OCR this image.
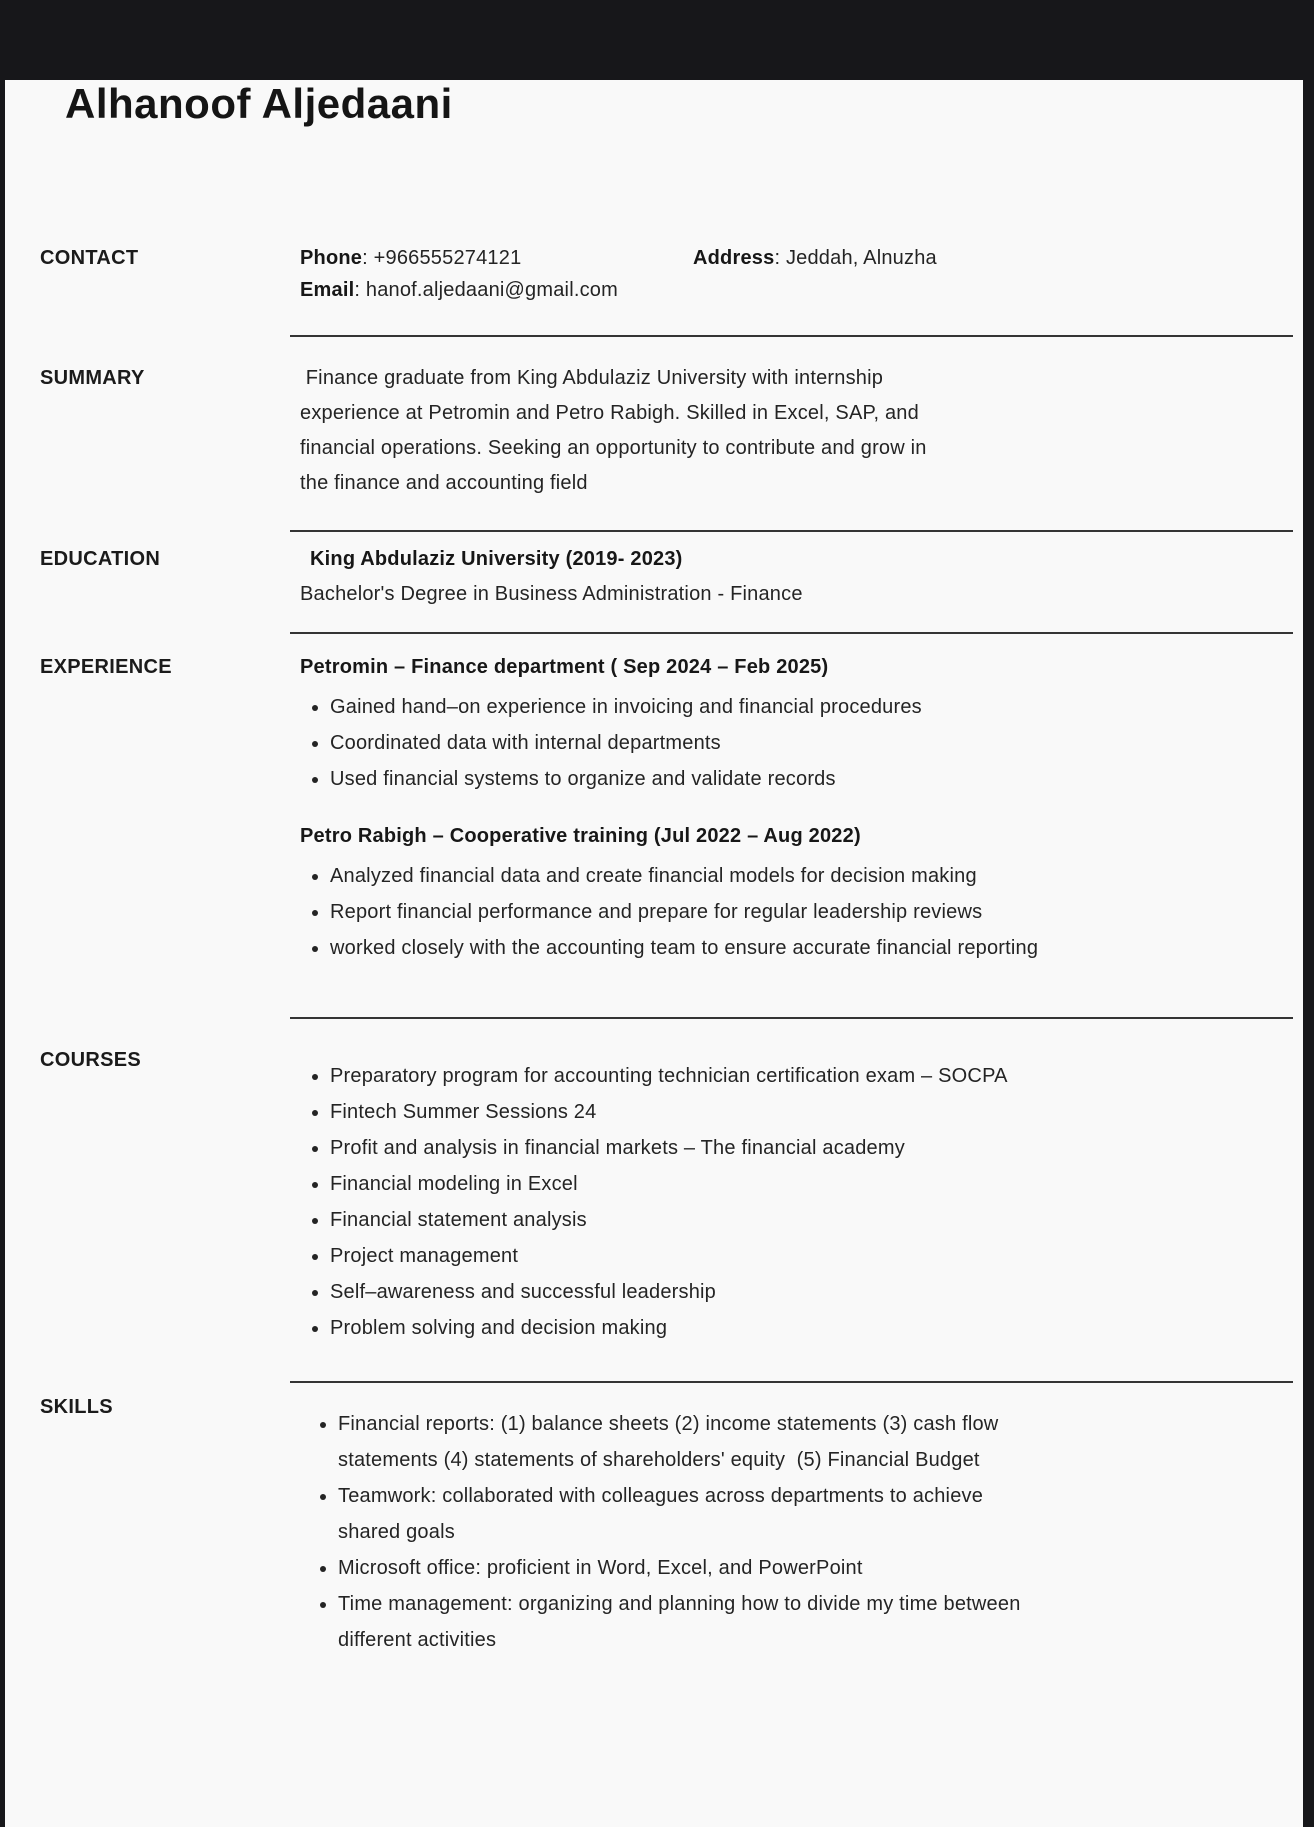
Alhanoof Aljedaani
CONTACT	Phone: +966555274121	Address: Jeddah, Alnuzha
Email: hanof.aljedaani@gmail.com
SUMMARY	Finance graduate from King Abdulaziz University with internship
experience at Petromin and Petro Rabigh. Skilled in Excel, SAP, and
financial operations. Seeking an opportunity to contribute and grow in
the finance and accounting field
EDUCATION	King Abdulaziz University (2019- 2023)
Bachelor's Degree in Business Administration - Finance
EXPERIENCE	Petromin – Finance department ( Sep 2024 – Feb 2025)

• Gained hand–on experience in invoicing and financial procedures
• Coordinated data with internal departments
• Used financial systems to organize and validate records

Petro Rabigh – Cooperative training (Jul 2022 – Aug 2022)

• Analyzed financial data and create financial models for decision making
• Report financial performance and prepare for regular leadership reviews
• worked closely with the accounting team to ensure accurate financial reporting
COURSES
• Preparatory program for accounting technician certification exam – SOCPA
• Fintech Summer Sessions 24
• Profit and analysis in financial markets – The financial academy
• Financial modeling in Excel
• Financial statement analysis
• Project management
• Self–awareness and successful leadership
• Problem solving and decision making
SKILLS
• Financial reports: (1) balance sheets (2) income statements (3) cash flow
statements (4) statements of shareholders' equity  (5) Financial Budget
• Teamwork: collaborated with colleagues across departments to achieve
shared goals
• Microsoft office: proficient in Word, Excel, and PowerPoint
• Time management: organizing and planning how to divide my time between
different activities
